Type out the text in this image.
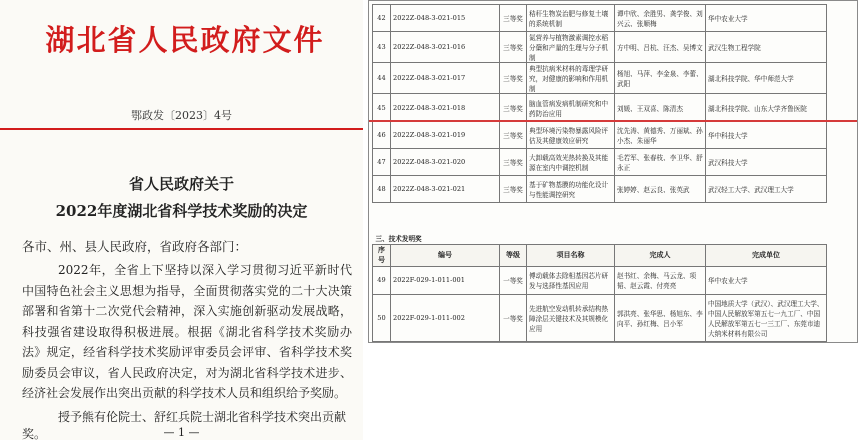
湖北省人民政府文件
鄂政发〔2023〕4号
省人民政府关于
2022年度湖北省科学技术奖励的决定
各市、州、县人民政府，省政府各部门：
2022年，全省上下坚持以深入学习贯彻习近平新时代中国特色社会主义思想为指导，全面贯彻落实党的二十大决策部署和省第十二次党代会精神，深入实施创新驱动发展战略，科技强省建设取得积极进展。根据《湖北省科学技术奖励办法》规定，经省科学技术奖励评审委员会评审、省科学技术奖励委员会审议，省人民政府决定，对为湖北省科学技术进步、经济社会发展作出突出贡献的科学技术人员和组织给予奖励。
授予熊有伦院士、舒红兵院士湖北省科学技术突出贡献奖。	— 1 —
42	2022Z-048-3-021-015	三等奖	秸秆生物炭治肥与修复土壤的系统机制	谭中欣、余胜男、龚学俊、刘兴云、张顺梅	华中农业大学
43	2022Z-048-3-021-016	三等奖	氮营养与植物激素调控水稻分蘖和产量的生理与分子机制	方中明、吕杭、汪杰、吴博文	武汉生物工程学院
44	2022Z-048-3-021-017	三等奖	典型抗病米材料的毒理学研究，对健康的影响和作用机制	杨旭、马萍、李金泉、李蕾、武阳	湖北科技学院、华中师范大学
45	2022Z-048-3-021-018	三等奖	脑血管病发病机制研究和中药防治应用	刘媛、王双喜、陈清杰	湖北科技学院、山东大学齐鲁医院
46	2022Z-048-3-021-019	三等奖	典型环境污染物暴露风险评估及其健康效应研究	沈先涛、黄德秀、万丽斌、孙小杰、朱丽华	华中科技大学
47	2022Z-048-3-021-020	三等奖	大卸载高效光热转换及其能源在室内中调控机制	毛若军、张春枝、李卫华、舒永正	武汉科技大学
48	2022Z-048-3-021-021	三等奖	基于矿物基膜的功能化设计与性能调控研究	张婷婷、赵云良、张英武	武汉轻工大学、武汉理工大学
三、技术发明奖					
序号	编号	等级	项目名称	完成人	完成单位
49	2022F-029-1-011-001	一等奖	傅动载体去除相基因芯片研发与选择性基因应用	赵书红、余梅、马云龙、项韬、赵云霞、付亮亮	华中农业大学
50	2022F-029-1-011-002	一等奖	先进航空发动机转承结构热障涂层关键技术及其规模化应用	郭洪亮、张华思、杨旭东、李向平、孙红梅、吕小军	中国地质大学（武汉）、武汉理工大学、中国人民解放军第五七一九工厂、中国人民解放军第五七一三工厂、东莞市迪大纳米材料有限公司
